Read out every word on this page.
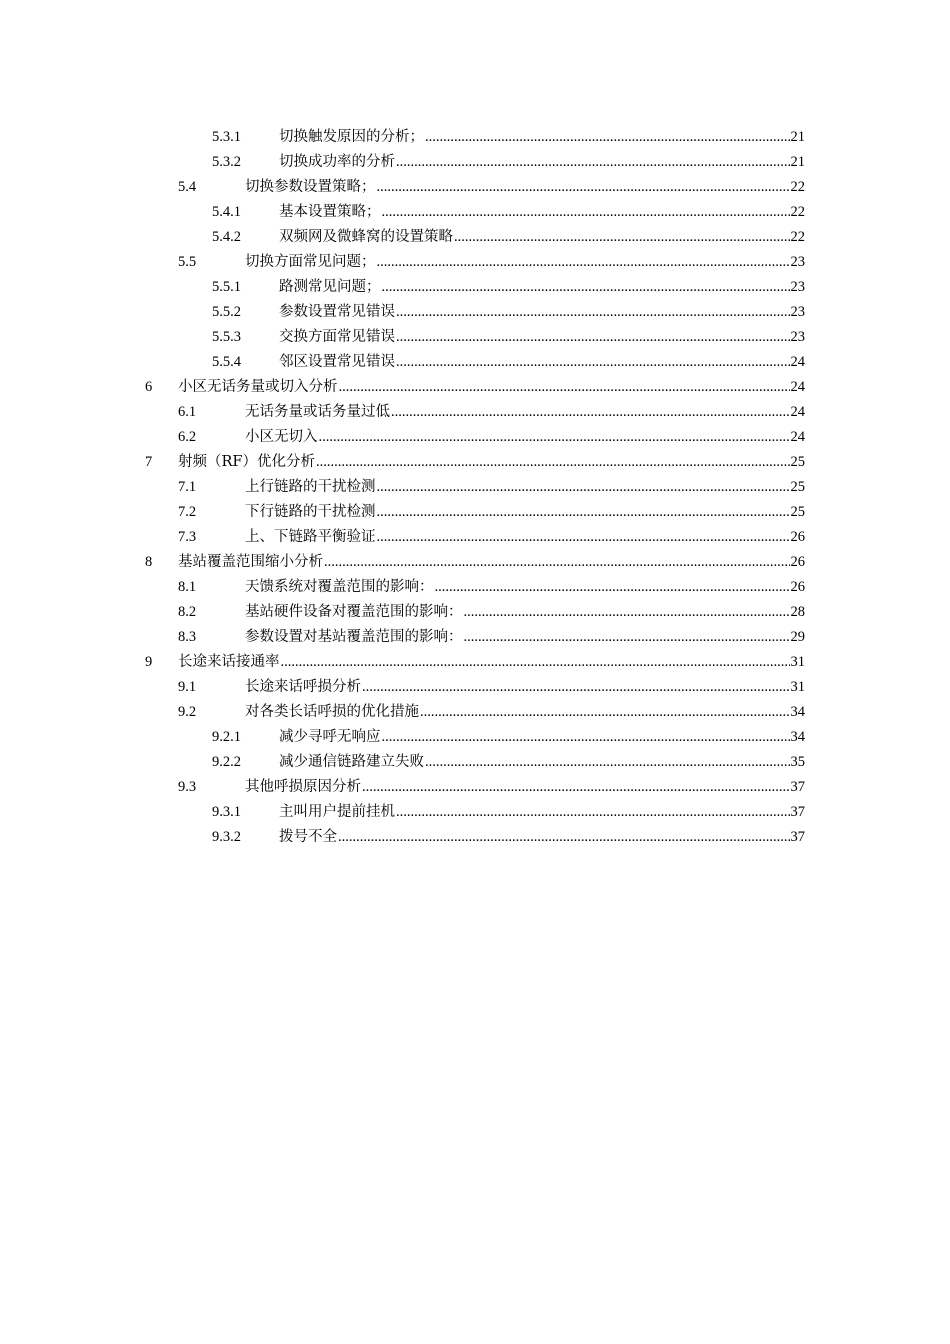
5.3.1	切换触发原因的分析； .....	21
5.3.2	切换成功率的分析 .....	21
5.4	切换参数设置策略； .....	22
5.4.1	基本设置策略； .....	22
5.4.2	双频网及微蜂窝的设置策略 .....	22
5.5	切换方面常见问题； .....	23
5.5.1	路测常见问题； .....	23
5.5.2	参数设置常见错误 .....	23
5.5.3	交换方面常见错误 .....	23
5.5.4	邻区设置常见错误 .....	24
6 小区无话务量或切入分析 .....	24
6.1	无话务量或话务量过低 .....	24
6.2	小区无切入 .....	24
7 射频（RF）优化分析 .....	25
7.1	上行链路的干扰检测 .....	25
7.2	下行链路的干扰检测 .....	25
7.3	上、下链路平衡验证 .....	26
8 基站覆盖范围缩小分析 .....	26
8.1	天馈系统对覆盖范围的影响： .....	26
8.2	基站硬件设备对覆盖范围的影响： .....	28
8.3	参数设置对基站覆盖范围的影响： .....	29
9 长途来话接通率 .....	31
9.1	长途来话呼损分析 .....	31
9.2	对各类长话呼损的优化措施 .....	34
9.2.1	减少寻呼无响应 .....	34
9.2.2	减少通信链路建立失败 .....	35
9.3	其他呼损原因分析 .....	37
9.3.1	主叫用户提前挂机 .....	37
9.3.2	拨号不全 .....	37
